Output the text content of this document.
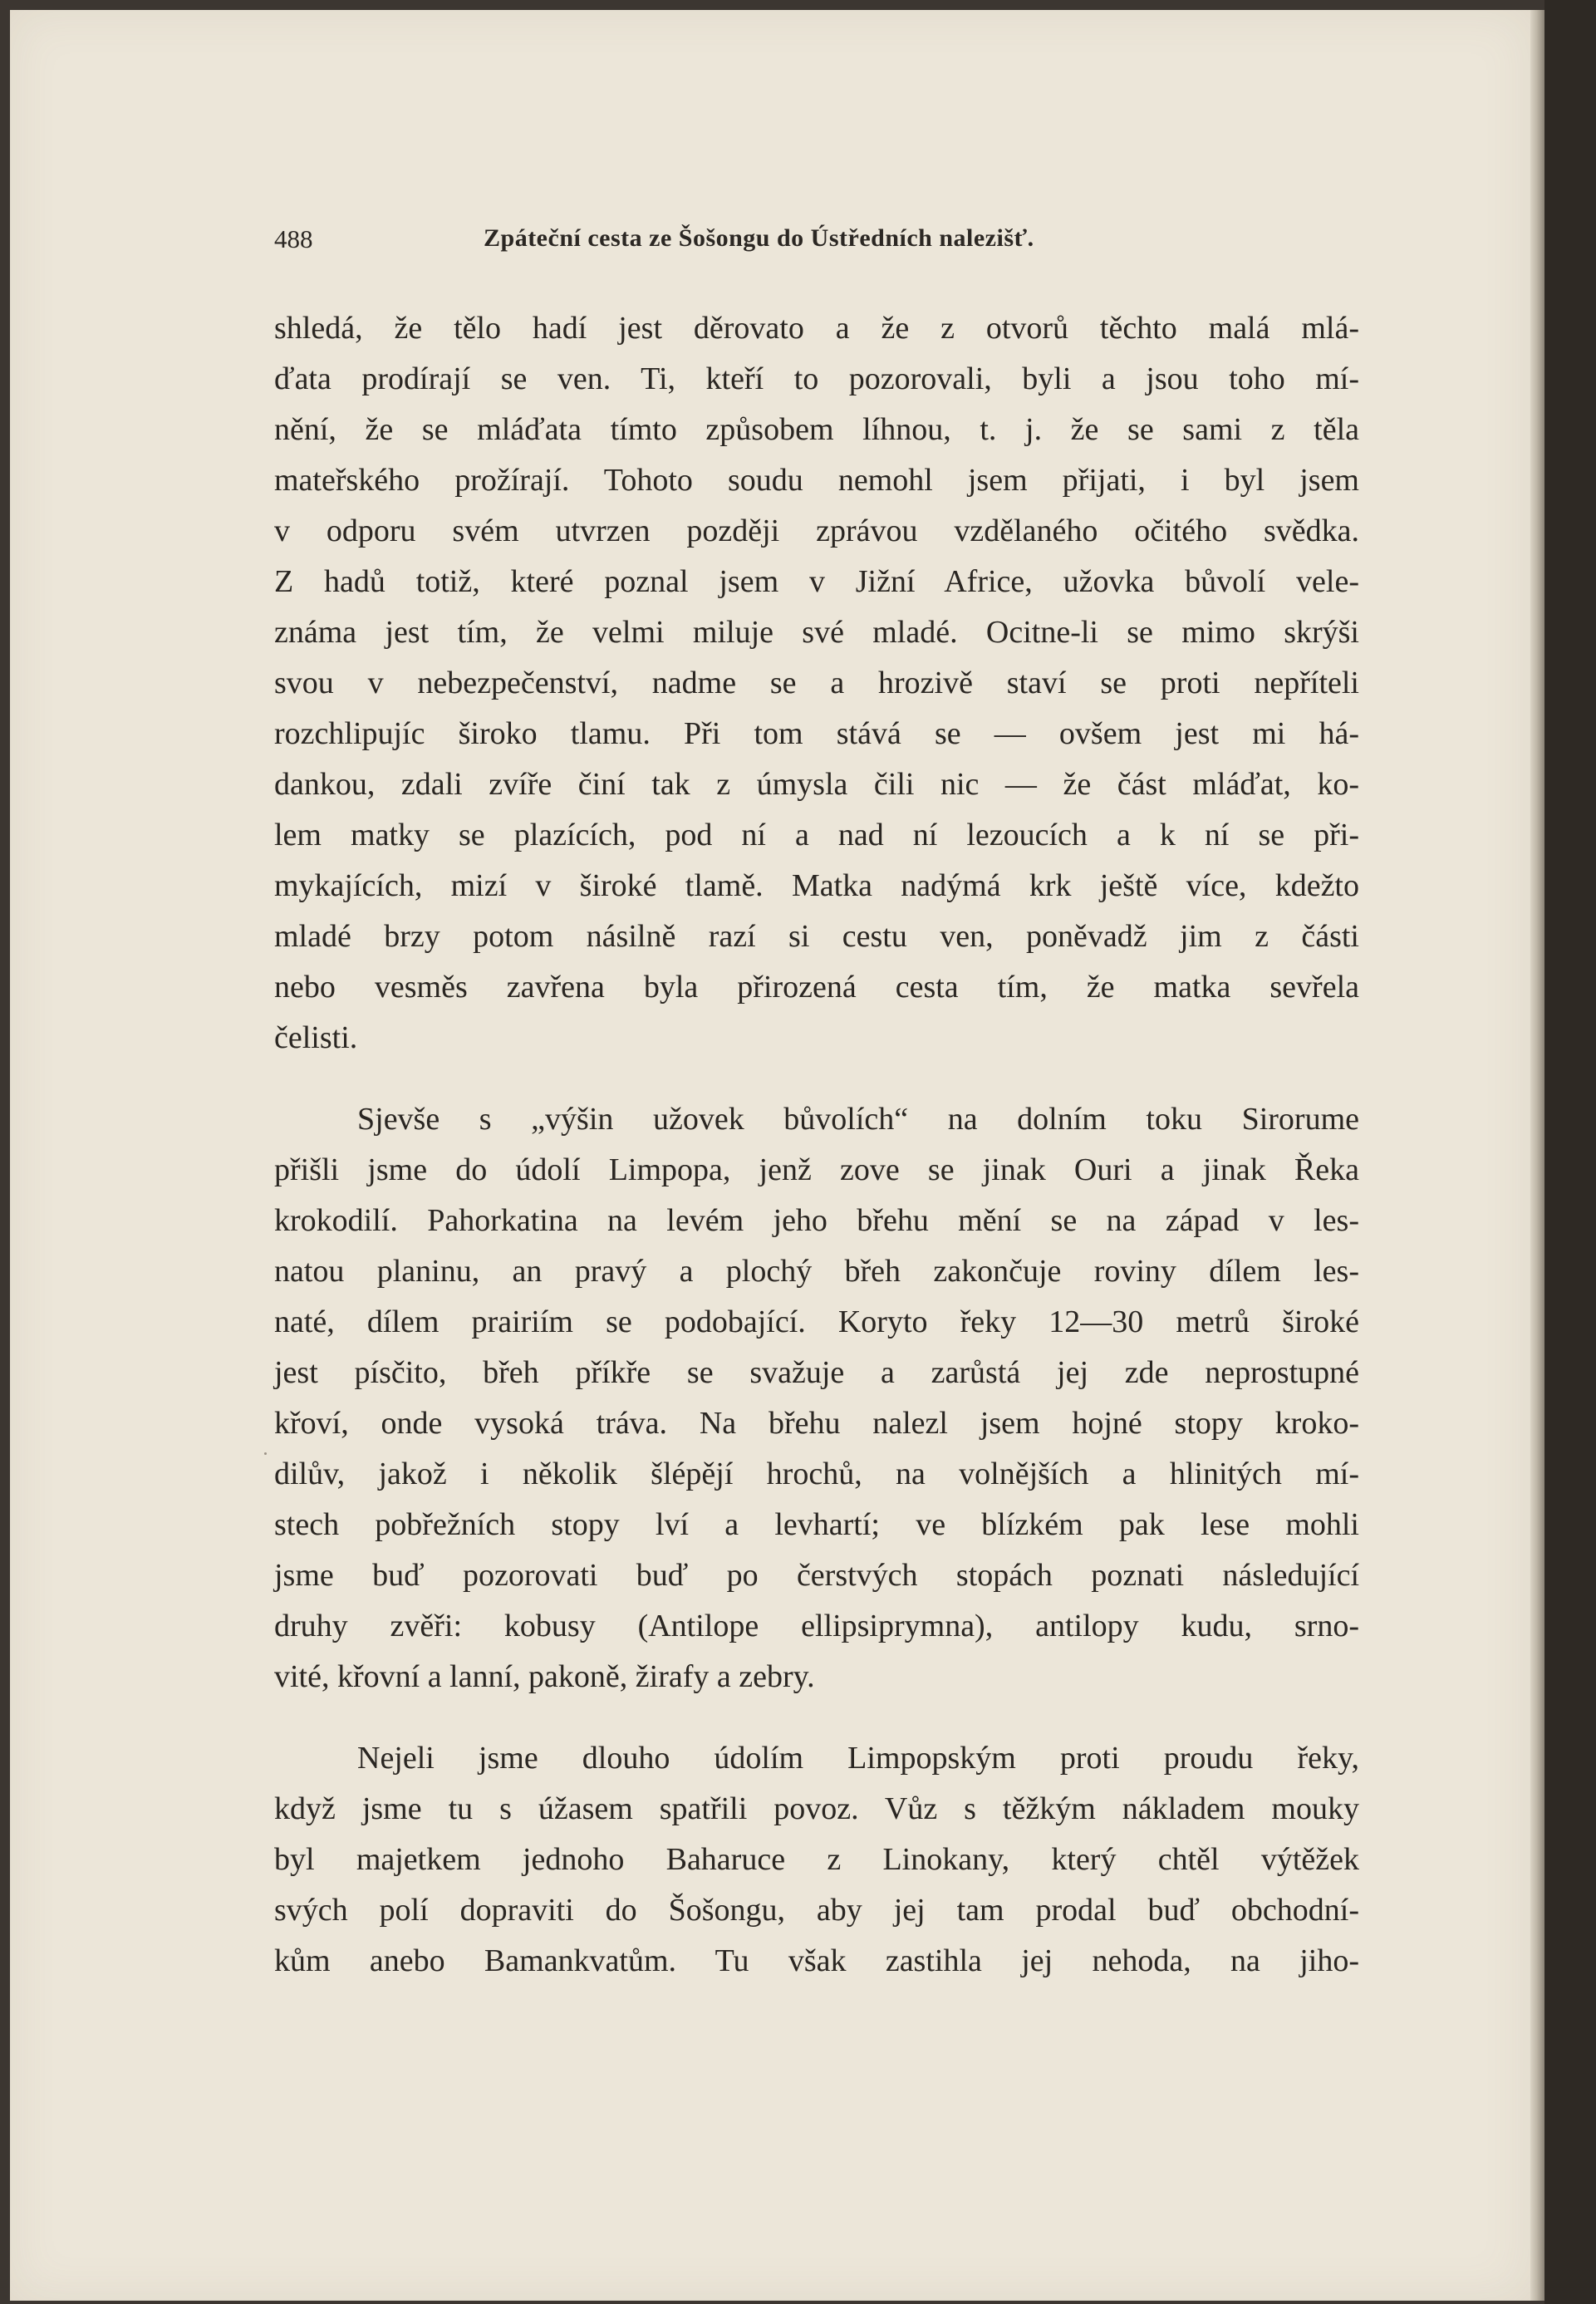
488	Zpáteční cesta ze Šošongu do Ústředních nalezišť.
shledá, že tělo hadí jest děrovato a že z otvorů těchto malá mlá-
ďata prodírají se ven. Ti, kteří to pozorovali, byli a jsou toho mí-
nění, že se mláďata tímto způsobem líhnou, t. j. že se sami z těla
mateřského prožírají. Tohoto soudu nemohl jsem přijati, i byl jsem
v odporu svém utvrzen později zprávou vzdělaného očitého svědka.
Z hadů totiž, které poznal jsem v Jižní Africe, užovka bůvolí vele-
známa jest tím, že velmi miluje své mladé. Ocitne-li se mimo skrýši
svou v nebezpečenství, nadme se a hrozivě staví se proti nepříteli
rozchlipujíc široko tlamu. Při tom stává se — ovšem jest mi há-
dankou, zdali zvíře činí tak z úmysla čili nic — že část mláďat, ko-
lem matky se plazících, pod ní a nad ní lezoucích a k ní se při-
mykajících, mizí v široké tlamě. Matka nadýmá krk ještě více, kdežto
mladé brzy potom násilně razí si cestu ven, poněvadž jim z části
nebo vesměs zavřena byla přirozená cesta tím, že matka sevřela
čelisti.
Sjevše s „výšin užovek bůvolích“ na dolním toku Sirorume
přišli jsme do údolí Limpopa, jenž zove se jinak Ouri a jinak Řeka
krokodilí. Pahorkatina na levém jeho břehu mění se na západ v les-
natou planinu, an pravý a plochý břeh zakončuje roviny dílem les-
naté, dílem prairiím se podobající. Koryto řeky 12—30 metrů široké
jest písčito, břeh příkře se svažuje a zarůstá jej zde neprostupné
křoví, onde vysoká tráva. Na břehu nalezl jsem hojné stopy kroko-
dilův, jakož i několik šlépějí hrochů, na volnějších a hlinitých mí-
stech pobřežních stopy lví a levhartí; ve blízkém pak lese mohli
jsme buď pozorovati buď po čerstvých stopách poznati následující
druhy zvěři: kobusy (Antilope ellipsiprymna), antilopy kudu, srno-
vité, křovní a lanní, pakoně, žirafy a zebry.
Nejeli jsme dlouho údolím Limpopským proti proudu řeky,
když jsme tu s úžasem spatřili povoz. Vůz s těžkým nákladem mouky
byl majetkem jednoho Baharuce z Linokany, který chtěl výtěžek
svých polí dopraviti do Šošongu, aby jej tam prodal buď obchodní-
kům anebo Bamankvatům. Tu však zastihla jej nehoda, na jiho-
